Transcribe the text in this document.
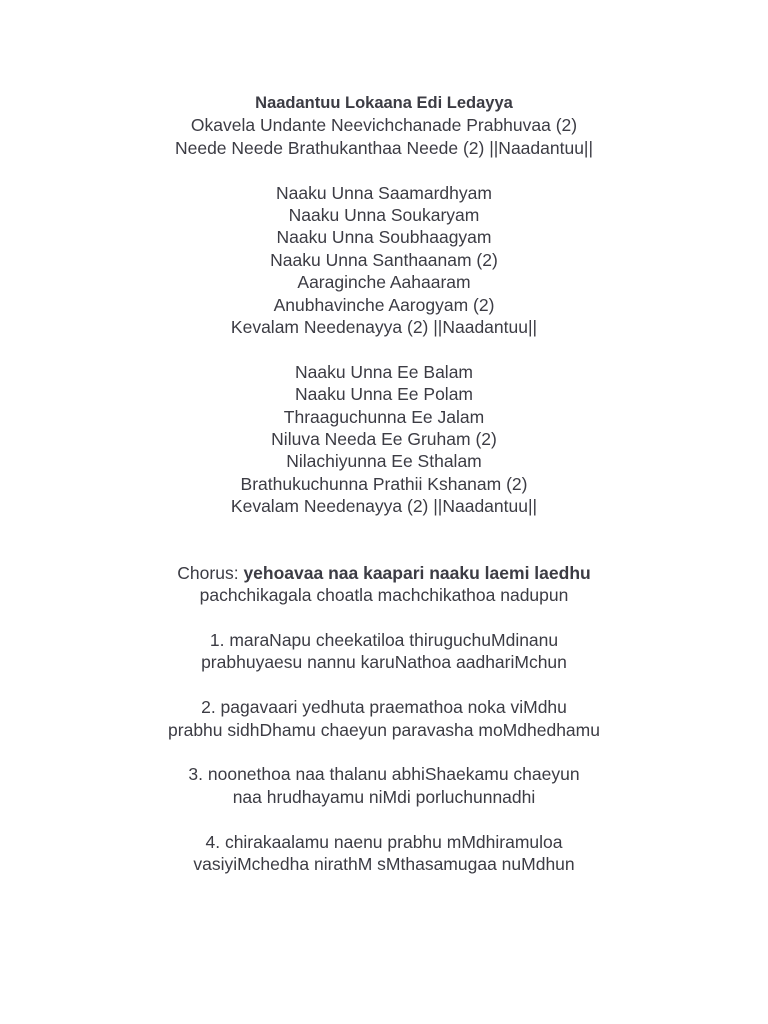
Naadantuu Lokaana Edi Ledayya
Okavela Undante Neevichchanade Prabhuvaa (2)
Neede Neede Brathukanthaa Neede (2) ||Naadantuu||
Naaku Unna Saamardhyam
Naaku Unna Soukaryam
Naaku Unna Soubhaagyam
Naaku Unna Santhaanam (2)
Aaraginche Aahaaram
Anubhavinche Aarogyam (2)
Kevalam Needenayya (2) ||Naadantuu||
Naaku Unna Ee Balam
Naaku Unna Ee Polam
Thraaguchunna Ee Jalam
Niluva Needa Ee Gruham (2)
Nilachiyunna Ee Sthalam
Brathukuchunna Prathii Kshanam (2)
Kevalam Needenayya (2) ||Naadantuu||
Chorus: yehoavaa naa kaapari naaku laemi laedhu
pachchikagala choatla machchikathoa nadupun
1. maraNapu cheekatiloa thiruguchuMdinanu
prabhuyaesu nannu karuNathoa aadhariMchun
2. pagavaari yedhuta praemathoa noka viMdhu
prabhu sidhDhamu chaeyun paravasha moMdhedhamu
3. noonethoa naa thalanu abhiShaekamu chaeyun
naa hrudhayamu niMdi porluchunnadhi
4. chirakaalamu naenu prabhu mMdhiramuloa
vasiyiMchedha nirathM sMthasamugaa nuMdhun
